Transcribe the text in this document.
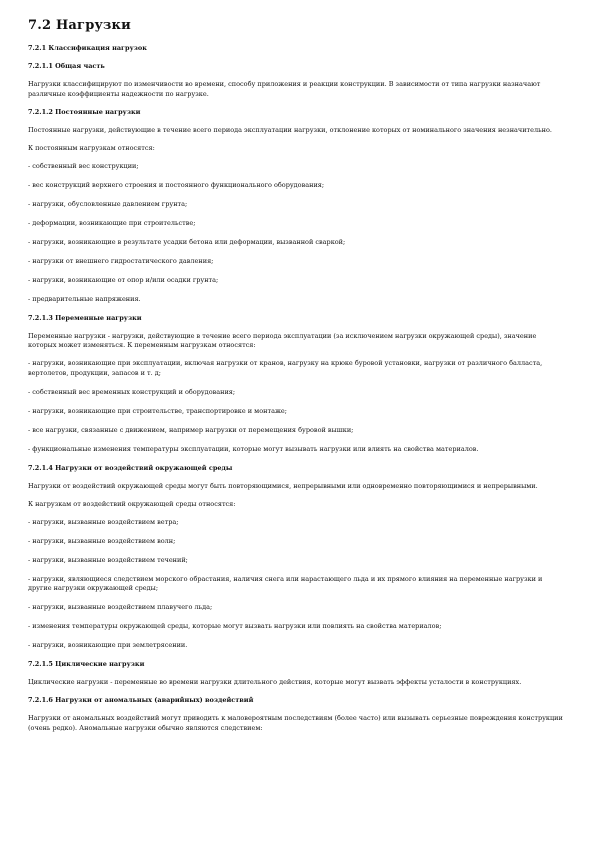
7.2 Нагрузки
7.2.1 Классификация нагрузок
7.2.1.1 Общая часть
Нагрузки классифицируют по изменчивости во времени, способу приложения и реакции конструкции. В зависимости от типа нагрузки назначают различные коэффициенты надежности по нагрузке.
7.2.1.2 Постоянные нагрузки
Постоянные нагрузки, действующие в течение всего периода эксплуатации нагрузки, отклонение которых от номинального значения незначительно.
К постоянным нагрузкам относятся:
- собственный вес конструкции;
- вес конструкций верхнего строения и постоянного функционального оборудования;
- нагрузки, обусловленные давлением грунта;
- деформации, возникающие при строительстве;
- нагрузки, возникающие в результате усадки бетона или деформации, вызванной сваркой;
- нагрузки от внешнего гидростатического давления;
- нагрузки, возникающие от опор и/или осадки грунта;
- предварительные напряжения.
7.2.1.3 Переменные нагрузки
Переменные нагрузки - нагрузки, действующие в течение всего периода эксплуатации (за исключением нагрузки окружающей среды), значение которых может изменяться. К переменным нагрузкам относятся:
- нагрузки, возникающие при эксплуатации, включая нагрузки от кранов, нагрузку на крюке буровой установки, нагрузки от различного балласта, вертолетов, продукции, запасов и т. д;
- собственный вес временных конструкций и оборудования;
- нагрузки, возникающие при строительстве, транспортировке и монтаже;
- все нагрузки, связанные с движением, например нагрузки от перемещения буровой вышки;
- функциональные изменения температуры эксплуатации, которые могут вызывать нагрузки или влиять на свойства материалов.
7.2.1.4 Нагрузки от воздействий окружающей среды
Нагрузки от воздействий окружающей среды могут быть повторяющимися, непрерывными или одновременно повторяющимися и непрерывными.
К нагрузкам от воздействий окружающей среды относятся:
- нагрузки, вызванные воздействием ветра;
- нагрузки, вызванные воздействием волн;
- нагрузки, вызванные воздействием течений;
- нагрузки, являющиеся следствием морского обрастания, наличия снега или нарастающего льда и их прямого влияния на переменные нагрузки и другие нагрузки окружающей среды;
- нагрузки, вызванные воздействием плавучего льда;
- изменения температуры окружающей среды, которые могут вызвать нагрузки или повлиять на свойства материалов;
- нагрузки, возникающие при землетрясении.
7.2.1.5 Циклические нагрузки
Циклические нагрузки - переменные во времени нагрузки длительного действия, которые могут вызвать эффекты усталости в конструкциях.
7.2.1.6 Нагрузки от аномальных (аварийных) воздействий
Нагрузки от аномальных воздействий могут приводить к маловероятным последствиям (более часто) или вызывать серьезные повреждения конструкции (очень редко). Аномальные нагрузки обычно являются следствием:
